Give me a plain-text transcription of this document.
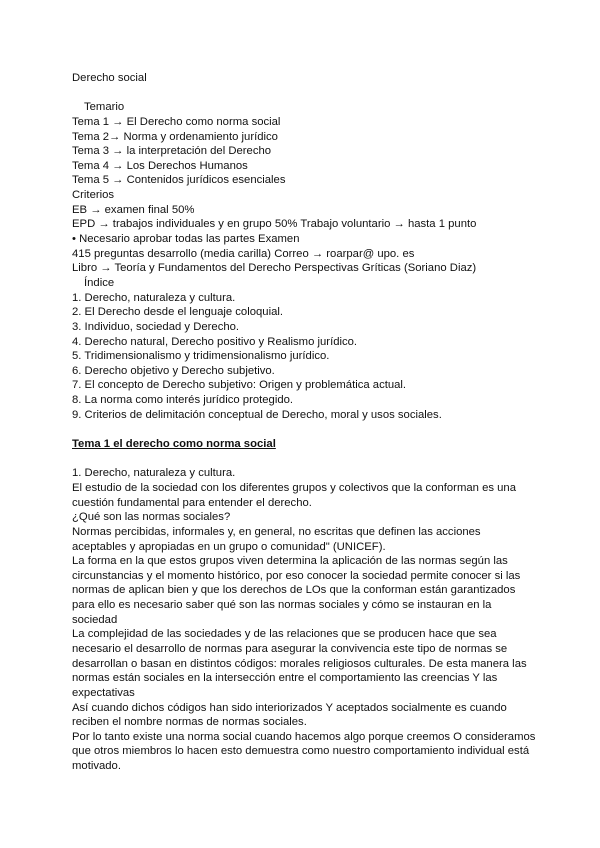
Derecho social
Temario
Tema 1 → El Derecho como norma social
Tema 2→ Norma y ordenamiento jurídico
Tema 3 → la interpretación del Derecho
Tema 4 → Los Derechos Humanos
Tema 5 → Contenidos jurídicos esenciales
Criterios
EB → examen final 50%
EPD → trabajos individuales y en grupo 50% Trabajo voluntario → hasta 1 punto
• Necesario aprobar todas las partes Examen
415 preguntas desarrollo (media carilla) Correo → roarpar@ upo. es
Libro → Teoría y Fundamentos del Derecho Perspectivas Gríticas (Soriano Diaz)
Índice
1. Derecho, naturaleza y cultura.
2. El Derecho desde el lenguaje coloquial.
3. Individuo, sociedad y Derecho.
4. Derecho natural, Derecho positivo y Realismo jurídico.
5. Tridimensionalismo y tridimensionalismo jurídico.
6. Derecho objetivo y Derecho subjetivo.
7. El concepto de Derecho subjetivo: Origen y problemática actual.
8. La norma como interés jurídico protegido.
9. Criterios de delimitación conceptual de Derecho, moral y usos sociales.
Tema 1 el derecho como norma social
1. Derecho, naturaleza y cultura.
El estudio de la sociedad con los diferentes grupos y colectivos que la conforman es una
cuestión fundamental para entender el derecho.
¿Qué son las normas sociales?
Normas percibidas, informales y, en general, no escritas que definen las acciones
aceptables y apropiadas en un grupo o comunidad" (UNICEF).
La forma en la que estos grupos viven determina la aplicación de las normas según las
circunstancias y el momento histórico, por eso conocer la sociedad permite conocer si las
normas de aplican bien y que los derechos de LOs que la conforman están garantizados
para ello es necesario saber qué son las normas sociales y cómo se instauran en la
sociedad
La complejidad de las sociedades y de las relaciones que se producen hace que sea
necesario el desarrollo de normas para asegurar la convivencia este tipo de normas se
desarrollan o basan en distintos códigos: morales religiosos culturales. De esta manera las
normas están sociales en la intersección entre el comportamiento las creencias Y las
expectativas
Así cuando dichos códigos han sido interiorizados Y aceptados socialmente es cuando
reciben el nombre normas de normas sociales.
Por lo tanto existe una norma social cuando hacemos algo porque creemos O consideramos
que otros miembros lo hacen esto demuestra como nuestro comportamiento individual está
motivado.
